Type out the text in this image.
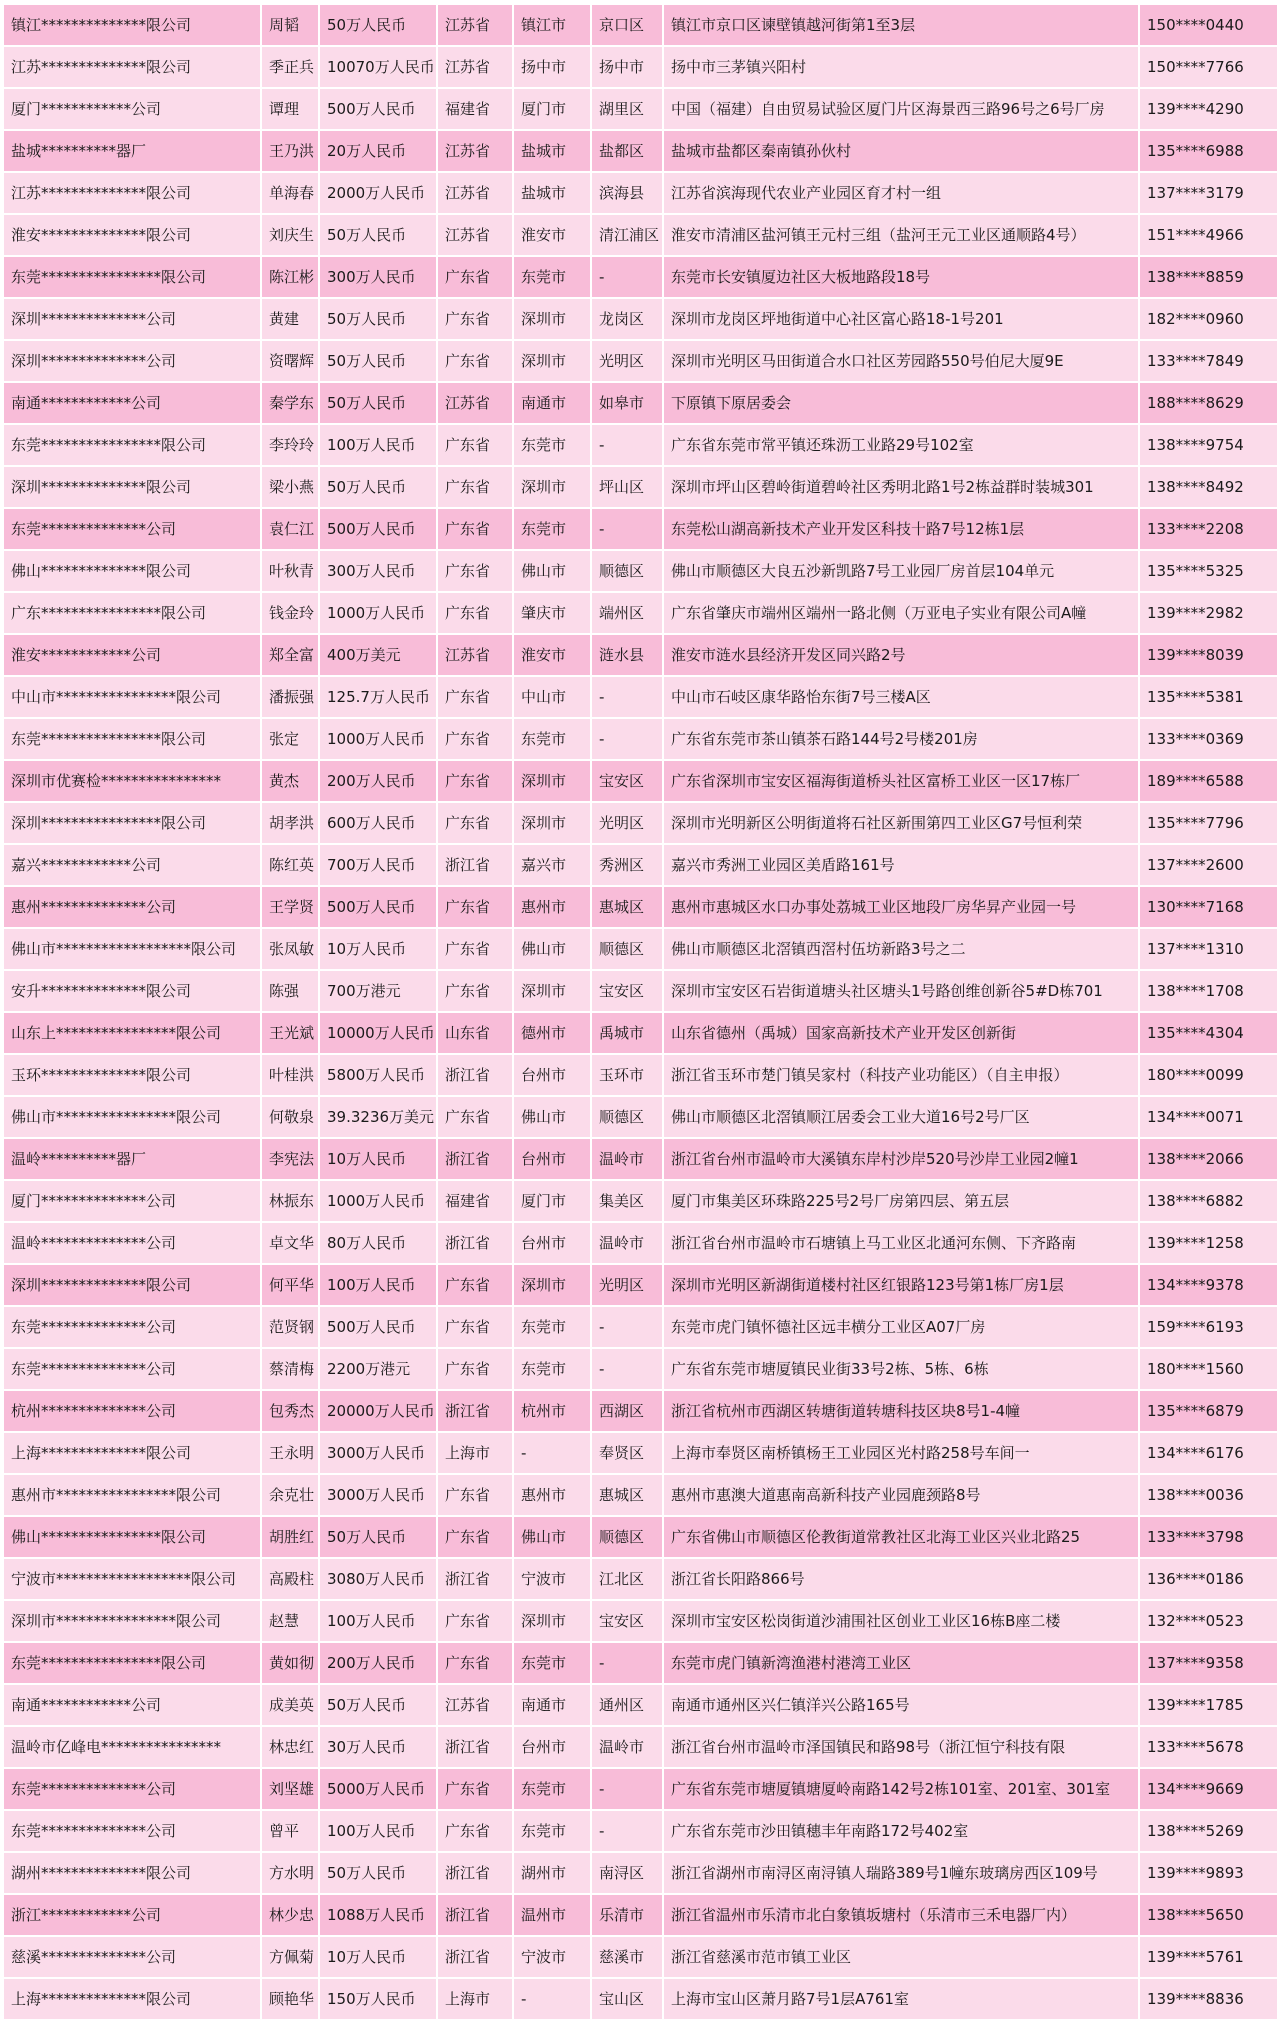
镇江**************限公司	周韬	50万人民币	江苏省	镇江市	京口区	镇江市京口区谏壁镇越河街第1至3层	150****0440
江苏**************限公司	季正兵	10070万人民币	江苏省	扬中市	扬中市	扬中市三茅镇兴阳村	150****7766
厦门************公司	谭理	500万人民币	福建省	厦门市	湖里区	中国（福建）自由贸易试验区厦门片区海景西三路96号之6号厂房	139****4290
盐城**********器厂	王乃洪	20万人民币	江苏省	盐城市	盐都区	盐城市盐都区秦南镇孙伙村	135****6988
江苏**************限公司	单海春	2000万人民币	江苏省	盐城市	滨海县	江苏省滨海现代农业产业园区育才村一组	137****3179
淮安**************限公司	刘庆生	50万人民币	江苏省	淮安市	清江浦区	淮安市清浦区盐河镇王元村三组（盐河王元工业区通顺路4号）	151****4966
东莞****************限公司	陈江彬	300万人民币	广东省	东莞市	-	东莞市长安镇厦边社区大板地路段18号	138****8859
深圳**************公司	黄建	50万人民币	广东省	深圳市	龙岗区	深圳市龙岗区坪地街道中心社区富心路18-1号201	182****0960
深圳**************公司	资曙辉	50万人民币	广东省	深圳市	光明区	深圳市光明区马田街道合水口社区芳园路550号伯尼大厦9E	133****7849
南通************公司	秦学东	50万人民币	江苏省	南通市	如皋市	下原镇下原居委会	188****8629
东莞****************限公司	李玲玲	100万人民币	广东省	东莞市	-	广东省东莞市常平镇还珠沥工业路29号102室	138****9754
深圳**************限公司	梁小燕	50万人民币	广东省	深圳市	坪山区	深圳市坪山区碧岭街道碧岭社区秀明北路1号2栋益群时装城301	138****8492
东莞**************公司	袁仁江	500万人民币	广东省	东莞市	-	东莞松山湖高新技术产业开发区科技十路7号12栋1层	133****2208
佛山**************限公司	叶秋青	300万人民币	广东省	佛山市	顺德区	佛山市顺德区大良五沙新凯路7号工业园厂房首层104单元	135****5325
广东****************限公司	钱金玲	1000万人民币	广东省	肇庆市	端州区	广东省肇庆市端州区端州一路北侧（万亚电子实业有限公司A幢	139****2982
淮安************公司	郑全富	400万美元	江苏省	淮安市	涟水县	淮安市涟水县经济开发区同兴路2号	139****8039
中山市****************限公司	潘振强	125.7万人民币	广东省	中山市	-	中山市石岐区康华路怡东街7号三楼A区	135****5381
东莞****************限公司	张定	1000万人民币	广东省	东莞市	-	广东省东莞市茶山镇茶石路144号2号楼201房	133****0369
深圳市优赛检****************	黄杰	200万人民币	广东省	深圳市	宝安区	广东省深圳市宝安区福海街道桥头社区富桥工业区一区17栋厂	189****6588
深圳****************限公司	胡孝洪	600万人民币	广东省	深圳市	光明区	深圳市光明新区公明街道将石社区新围第四工业区G7号恒利荣	135****7796
嘉兴************公司	陈红英	700万人民币	浙江省	嘉兴市	秀洲区	嘉兴市秀洲工业园区美盾路161号	137****2600
惠州**************公司	王学贤	500万人民币	广东省	惠州市	惠城区	惠州市惠城区水口办事处荔城工业区地段厂房华昇产业园一号	130****7168
佛山市******************限公司	张凤敏	10万人民币	广东省	佛山市	顺德区	佛山市顺德区北滘镇西滘村伍坊新路3号之二	137****1310
安升**************限公司	陈强	700万港元	广东省	深圳市	宝安区	深圳市宝安区石岩街道塘头社区塘头1号路创维创新谷5#D栋701	138****1708
山东上****************限公司	王光斌	10000万人民币	山东省	德州市	禹城市	山东省德州（禹城）国家高新技术产业开发区创新街	135****4304
玉环**************限公司	叶桂洪	5800万人民币	浙江省	台州市	玉环市	浙江省玉环市楚门镇吴家村（科技产业功能区）（自主申报）	180****0099
佛山市****************限公司	何敬泉	39.3236万美元	广东省	佛山市	顺德区	佛山市顺德区北滘镇顺江居委会工业大道16号2号厂区	134****0071
温岭**********器厂	李宪法	10万人民币	浙江省	台州市	温岭市	浙江省台州市温岭市大溪镇东岸村沙岸520号沙岸工业园2幢1	138****2066
厦门**************公司	林振东	1000万人民币	福建省	厦门市	集美区	厦门市集美区环珠路225号2号厂房第四层、第五层	138****6882
温岭**************公司	卓文华	80万人民币	浙江省	台州市	温岭市	浙江省台州市温岭市石塘镇上马工业区北通河东侧、下齐路南	139****1258
深圳**************限公司	何平华	100万人民币	广东省	深圳市	光明区	深圳市光明区新湖街道楼村社区红银路123号第1栋厂房1层	134****9378
东莞**************公司	范贤钢	500万人民币	广东省	东莞市	-	东莞市虎门镇怀德社区远丰横分工业区A07厂房	159****6193
东莞**************公司	蔡清梅	2200万港元	广东省	东莞市	-	广东省东莞市塘厦镇民业街33号2栋、5栋、6栋	180****1560
杭州**************公司	包秀杰	20000万人民币	浙江省	杭州市	西湖区	浙江省杭州市西湖区转塘街道转塘科技区块8号1-4幢	135****6879
上海**************限公司	王永明	3000万人民币	上海市	-	奉贤区	上海市奉贤区南桥镇杨王工业园区光村路258号车间一	134****6176
惠州市****************限公司	余克壮	3000万人民币	广东省	惠州市	惠城区	惠州市惠澳大道惠南高新科技产业园鹿颈路8号	138****0036
佛山****************限公司	胡胜红	50万人民币	广东省	佛山市	顺德区	广东省佛山市顺德区伦教街道常教社区北海工业区兴业北路25	133****3798
宁波市******************限公司	高殿柱	3080万人民币	浙江省	宁波市	江北区	浙江省长阳路866号	136****0186
深圳市****************限公司	赵慧	100万人民币	广东省	深圳市	宝安区	深圳市宝安区松岗街道沙浦围社区创业工业区16栋B座二楼	132****0523
东莞****************限公司	黄如彻	200万人民币	广东省	东莞市	-	东莞市虎门镇新湾渔港村港湾工业区	137****9358
南通************公司	成美英	50万人民币	江苏省	南通市	通州区	南通市通州区兴仁镇洋兴公路165号	139****1785
温岭市亿峰电****************	林忠红	30万人民币	浙江省	台州市	温岭市	浙江省台州市温岭市泽国镇民和路98号（浙江恒宁科技有限	133****5678
东莞**************公司	刘坚雄	5000万人民币	广东省	东莞市	-	广东省东莞市塘厦镇塘厦岭南路142号2栋101室、201室、301室	134****9669
东莞**************公司	曾平	100万人民币	广东省	东莞市	-	广东省东莞市沙田镇穗丰年南路172号402室	138****5269
湖州**************限公司	方水明	50万人民币	浙江省	湖州市	南浔区	浙江省湖州市南浔区南浔镇人瑞路389号1幢东玻璃房西区109号	139****9893
浙江************公司	林少忠	1088万人民币	浙江省	温州市	乐清市	浙江省温州市乐清市北白象镇坂塘村（乐清市三禾电器厂内）	138****5650
慈溪**************公司	方佩菊	10万人民币	浙江省	宁波市	慈溪市	浙江省慈溪市范市镇工业区	139****5761
上海**************限公司	顾艳华	150万人民币	上海市	-	宝山区	上海市宝山区萧月路7号1层A761室	139****8836
